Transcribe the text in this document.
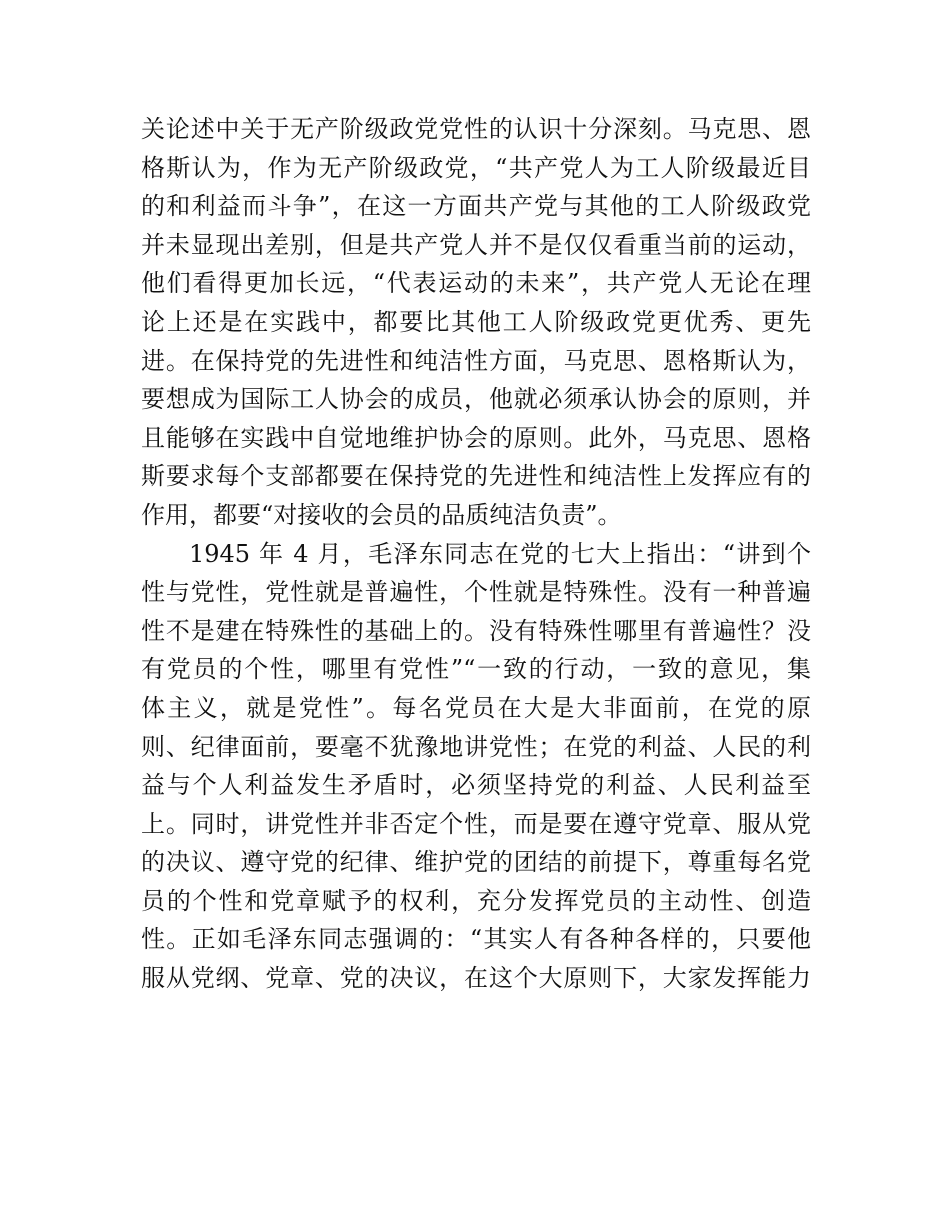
关论述中关于无产阶级政党党性的认识十分深刻。马克思、恩
格斯认为，作为无产阶级政党，“共产党人为工人阶级最近目
的和利益而斗争”，在这一方面共产党与其他的工人阶级政党
并未显现出差别，但是共产党人并不是仅仅看重当前的运动，
他们看得更加长远，“代表运动的未来”，共产党人无论在理
论上还是在实践中，都要比其他工人阶级政党更优秀、更先
进。在保持党的先进性和纯洁性方面，马克思、恩格斯认为，
要想成为国际工人协会的成员，他就必须承认协会的原则，并
且能够在实践中自觉地维护协会的原则。此外，马克思、恩格
斯要求每个支部都要在保持党的先进性和纯洁性上发挥应有的
作用，都要“对接收的会员的品质纯洁负责”。
1945 年 4 月，毛泽东同志在党的七大上指出：“讲到个
性与党性，党性就是普遍性，个性就是特殊性。没有一种普遍
性不是建在特殊性的基础上的。没有特殊性哪里有普遍性？没
有党员的个性，哪里有党性”“一致的行动，一致的意见，集
体主义，就是党性”。每名党员在大是大非面前，在党的原
则、纪律面前，要毫不犹豫地讲党性；在党的利益、人民的利
益与个人利益发生矛盾时，必须坚持党的利益、人民利益至
上。同时，讲党性并非否定个性，而是要在遵守党章、服从党
的决议、遵守党的纪律、维护党的团结的前提下，尊重每名党
员的个性和党章赋予的权利，充分发挥党员的主动性、创造
性。正如毛泽东同志强调的：“其实人有各种各样的，只要他
服从党纲、党章、党的决议，在这个大原则下，大家发挥能力
